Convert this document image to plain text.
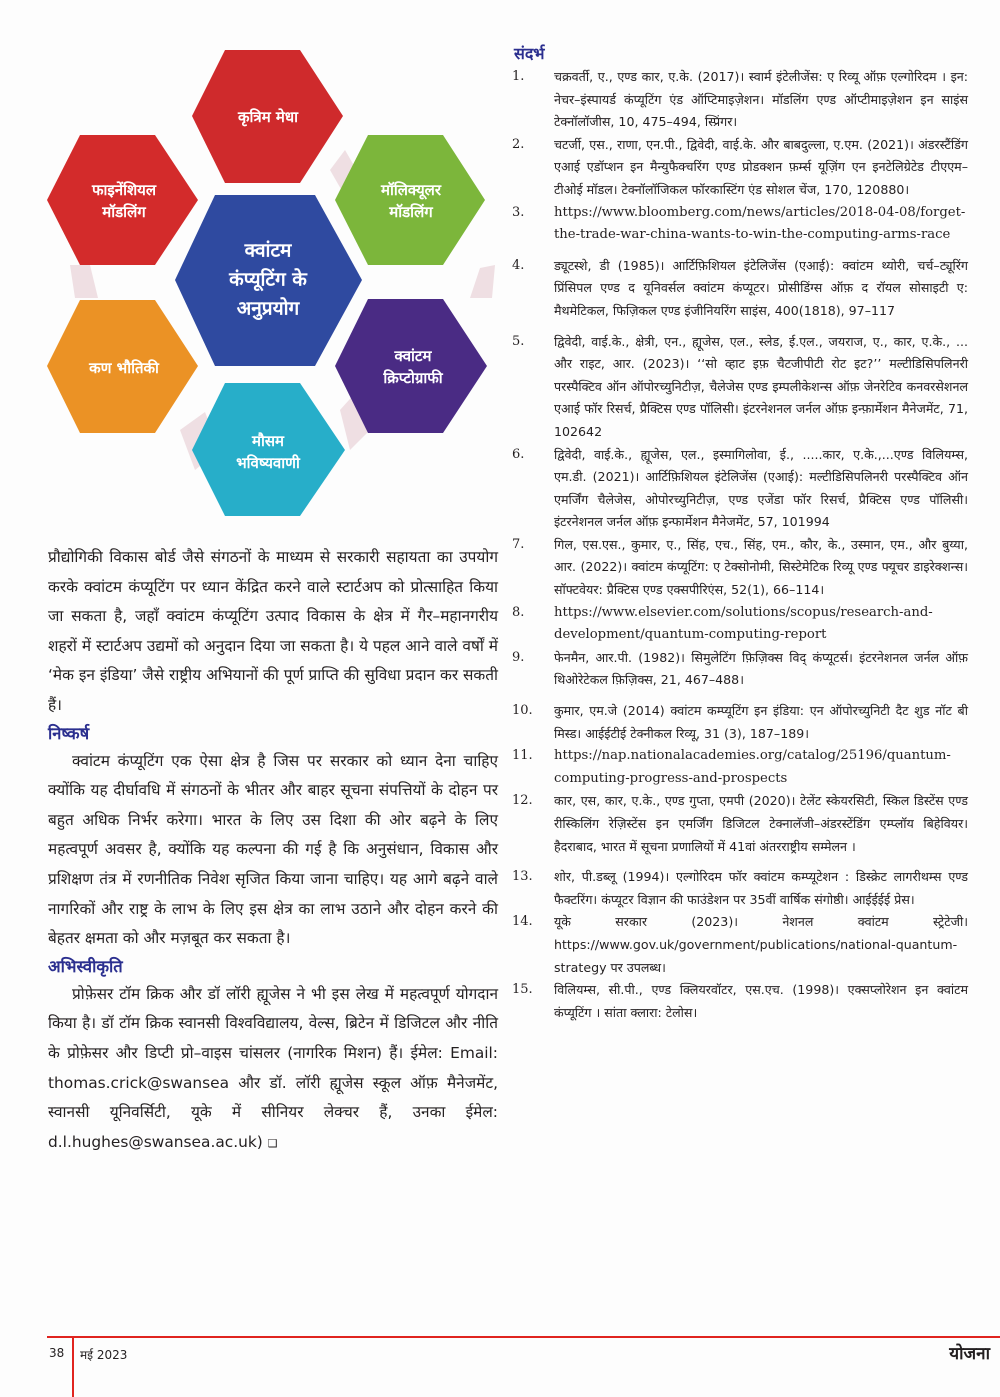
कृत्रिम मेधा
फाइनेंशियल
मॉडलिंग
मॉलिक्यूलर
मॉडलिंग
कण भौतिकी
क्वांटम
क्रिप्टोग्राफी
मौसम
भविष्यवाणी
क्वांटम
कंप्यूटिंग के
अनुप्रयोग

प्रौद्योगिकी विकास बोर्ड जैसे संगठनों के माध्यम से सरकारी सहायता का उपयोग करके क्वांटम कंप्यूटिंग पर ध्यान केंद्रित करने वाले स्टार्टअप को प्रोत्साहित किया जा सकता है, जहाँ क्वांटम कंप्यूटिंग उत्पाद विकास के क्षेत्र में गैर–महानगरीय शहरों में स्टार्टअप उद्यमों को अनुदान दिया जा सकता है। ये पहल आने वाले वर्षों में ‘मेक इन इंडिया’ जैसे राष्ट्रीय अभियानों की पूर्ण प्राप्ति की सुविधा प्रदान कर सकती हैं।

निष्कर्ष

क्वांटम कंप्यूटिंग एक ऐसा क्षेत्र है जिस पर सरकार को ध्यान देना चाहिए क्योंकि यह दीर्घावधि में संगठनों के भीतर और बाहर सूचना संपत्तियों के दोहन पर बहुत अधिक निर्भर करेगा। भारत के लिए उस दिशा की ओर बढ़ने के लिए महत्वपूर्ण अवसर है, क्योंकि यह कल्पना की गई है कि अनुसंधान, विकास और प्रशिक्षण तंत्र में रणनीतिक निवेश सृजित किया जाना चाहिए। यह आगे बढ़ने वाले नागरिकों और राष्ट्र के लाभ के लिए इस क्षेत्र का लाभ उठाने और दोहन करने की बेहतर क्षमता को और मज़बूत कर सकता है।

अभिस्वीकृति

प्रोफ़ेसर टॉम क्रिक और डॉ लॉरी ह्यूजेस ने भी इस लेख में महत्वपूर्ण योगदान किया है। डॉ टॉम क्रिक स्वानसी विश्वविद्यालय, वेल्स, ब्रिटेन में डिजिटल और नीति के प्रोफ़ेसर और डिप्टी प्रो–वाइस चांसलर (नागरिक मिशन) हैं। ईमेल: Email: thomas.crick@swansea और डॉ. लॉरी ह्यूजेस स्कूल ऑफ़ मैनेजमेंट, स्वानसी यूनिवर्सिटी, यूके में सीनियर लेक्चर हैं, उनका ईमेल: d.l.hughes@swansea.ac.uk) ❑

संदर्भ
1.	चक्रवर्ती, ए., एण्ड कार, ए.के. (2017)। स्वार्म इंटेलीजेंस: ए रिव्यू ऑफ़ एल्गोरिदम । इन: नेचर–इंस्पायर्ड कंप्यूटिंग एंड ऑप्टिमाइज़ेशन। मॉडलिंग एण्ड ऑप्टीमाइज़ेशन इन साइंस टेक्नॉलॉजीस, 10, 475–494, स्प्रिंगर।
2.	चटर्जी, एस., राणा, एन.पी., द्विवेदी, वाई.के. और बाबदुल्ला, ए.एम. (2021)। अंडरस्टैंडिंग एआई एडॉप्शन इन मैन्युफैक्चरिंग एण्ड प्रोडक्शन फ़र्म्स यूज़िंग एन इनटेलिग्रेटेड टीएएम–टीओई मॉडल। टेक्नॉलॉजिकल फॉरकास्टिंग एंड सोशल चेंज, 170, 120880।
3.	https://www.bloomberg.com/news/articles/2018-04-08/forget-the-trade-war-china-wants-to-win-the-computing-arms-race
4.	ड्यूटस्शे, डी (1985)। आर्टिफ़िशियल इंटेलिजेंस (एआई): क्वांटम थ्योरी, चर्च–ट्यूरिंग प्रिंसिपल एण्ड द यूनिवर्सल क्वांटम कंप्यूटर। प्रोसीडिंग्स ऑफ़ द रॉयल सोसाइटी ए: मैथमेटिकल, फिज़िकल एण्ड इंजीनियरिंग साइंस, 400(1818), 97–117
5.	द्विवेदी, वाई.के., क्षेत्री, एन., ह्यूजेस, एल., स्लेड, ई.एल., जयराज, ए., कार, ए.के., ... और राइट, आर. (2023)। ‘‘सो व्हाट इफ़ चैटजीपीटी रोट इट?’’ मल्टीडिसिपलिनरी परस्पैक्टिव ऑन ऑपोरच्युनिटीज़, चैलेजेस एण्ड इम्पलीकेशन्स ऑफ़ जेनरेटिव कनवरसेशनल एआई फॉर रिसर्च, प्रैक्टिस एण्ड पॉलिसी। इंटरनेशनल जर्नल ऑफ़ इन्फ़ार्मेशन मैनेजमेंट, 71, 102642
6.	द्विवेदी, वाई.के., ह्यूजेस, एल., इस्मागिलोवा, ई., .....कार, ए.के.,...एण्ड विलियम्स, एम.डी. (2021)। आर्टिफ़िशियल इंटेलिजेंस (एआई): मल्टीडिसिपलिनरी परस्पैक्टिव ऑन एमर्जिंग चैलेजेस, ओपोरच्युनिटीज़, एण्ड एजेंडा फॉर रिसर्च, प्रैक्टिस एण्ड पॉलिसी। इंटरनेशनल जर्नल ऑफ़ इन्फार्मेशन मैनेजमेंट, 57, 101994
7.	गिल, एस.एस., कुमार, ए., सिंह, एच., सिंह, एम., कौर, के., उस्मान, एम., और बुय्या, आर. (2022)। क्वांटम कंप्यूटिंग: ए टेक्सोनोमी, सिस्टेमेटिक रिव्यू एण्ड फ्यूचर डाइरेक्शन्स। सॉफ्टवेयर: प्रैक्टिस एण्ड एक्सपीरिएंस, 52(1), 66–114।
8.	https://www.elsevier.com/solutions/scopus/research-and-development/quantum-computing-report
9.	फेनमैन, आर.पी. (1982)। सिमुलेटिंग फ़िज़िक्स विद् कंप्यूटर्स। इंटरनेशनल जर्नल ऑफ़ थिओरेटेकल फ़िज़िक्स, 21, 467–488।
10.	कुमार, एम.जे (2014) क्वांटम कम्प्यूटिंग इन इंडिया: एन ऑपोरच्युनिटी दैट शुड नॉट बी मिस्ड। आईईटीई टेक्नीकल रिव्यू, 31 (3), 187–189।
11.	https://nap.nationalacademies.org/catalog/25196/quantum-computing-progress-and-prospects
12.	कार, एस, कार, ए.के., एण्ड गुप्ता, एमपी (2020)। टेलेंट स्केयरसिटी, स्किल डिस्टेंस एण्ड रीस्किलिंग रेज़िस्टेंस इन एमर्जिंग डिजिटल टेक्नालॅजी–अंडरस्टेंडिंग एम्प्लॉय बिहेवियर। हैदराबाद, भारत में सूचना प्रणालियों में 41वां अंतरराष्ट्रीय सम्मेलन ।
13.	शोर, पी.डब्लू (1994)। एल्गोरिदम फॉर क्वांटम कम्प्यूटेशन : डिस्क्रेट लागरीथम्स एण्ड फैक्टरिंग। कंप्यूटर विज्ञान की फाउंडेशन पर 35वीं वार्षिक संगोष्ठी। आईईईई प्रेस।
14.	यूके सरकार (2023)। नेशनल क्वांटम स्ट्रेटेजी। https://www.gov.uk/government/publications/national-quantum-strategy पर उपलब्ध।
15.	विलियम्स, सी.पी., एण्ड क्लियरवॉटर, एस.एच. (1998)। एक्सप्लोरेशन इन क्वांटम कंप्यूटिंग । सांता क्लारा: टेलोस।
38 मई 2023	योजना
